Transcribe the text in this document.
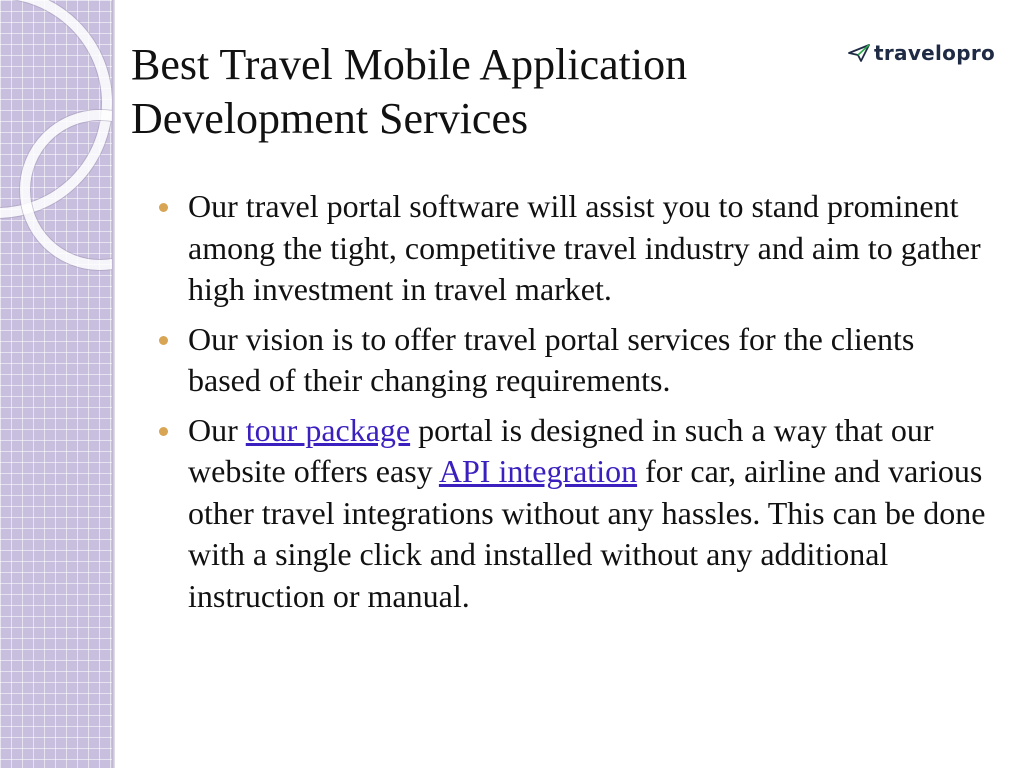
Best Travel Mobile Application
Development Services
travelopro
Our travel portal software will assist you to stand prominent among the tight, competitive travel industry and aim to gather high investment in travel market.
Our vision is to offer travel portal services for the clients based of their changing requirements.
Our tour package portal is designed in such a way that our website offers easy API integration for car, airline and various other travel integrations without any hassles. This can be done with a single click and installed without any additional instruction or manual.
